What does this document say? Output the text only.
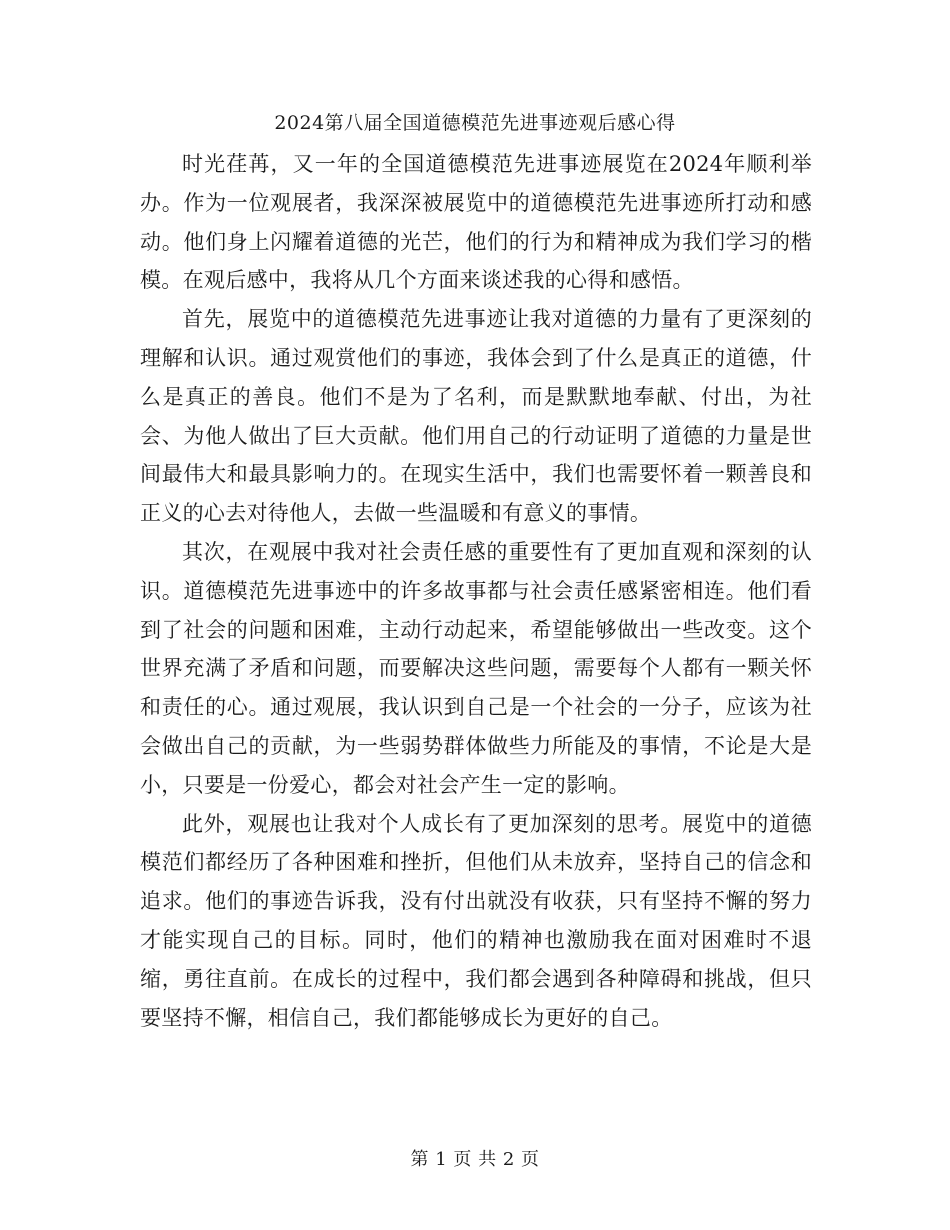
2024第八届全国道德模范先进事迹观后感心得

时光荏苒，又一年的全国道德模范先进事迹展览在2024年顺利举办。作为一位观展者，我深深被展览中的道德模范先进事迹所打动和感动。他们身上闪耀着道德的光芒，他们的行为和精神成为我们学习的楷模。在观后感中，我将从几个方面来谈述我的心得和感悟。

首先，展览中的道德模范先进事迹让我对道德的力量有了更深刻的理解和认识。通过观赏他们的事迹，我体会到了什么是真正的道德，什么是真正的善良。他们不是为了名利，而是默默地奉献、付出，为社会、为他人做出了巨大贡献。他们用自己的行动证明了道德的力量是世间最伟大和最具影响力的。在现实生活中，我们也需要怀着一颗善良和正义的心去对待他人，去做一些温暖和有意义的事情。

其次，在观展中我对社会责任感的重要性有了更加直观和深刻的认识。道德模范先进事迹中的许多故事都与社会责任感紧密相连。他们看到了社会的问题和困难，主动行动起来，希望能够做出一些改变。这个世界充满了矛盾和问题，而要解决这些问题，需要每个人都有一颗关怀和责任的心。通过观展，我认识到自己是一个社会的一分子，应该为社会做出自己的贡献，为一些弱势群体做些力所能及的事情，不论是大是小，只要是一份爱心，都会对社会产生一定的影响。

此外，观展也让我对个人成长有了更加深刻的思考。展览中的道德模范们都经历了各种困难和挫折，但他们从未放弃，坚持自己的信念和追求。他们的事迹告诉我，没有付出就没有收获，只有坚持不懈的努力才能实现自己的目标。同时，他们的精神也激励我在面对困难时不退缩，勇往直前。在成长的过程中，我们都会遇到各种障碍和挑战，但只要坚持不懈，相信自己，我们都能够成长为更好的自己。

第 1 页 共 2 页
